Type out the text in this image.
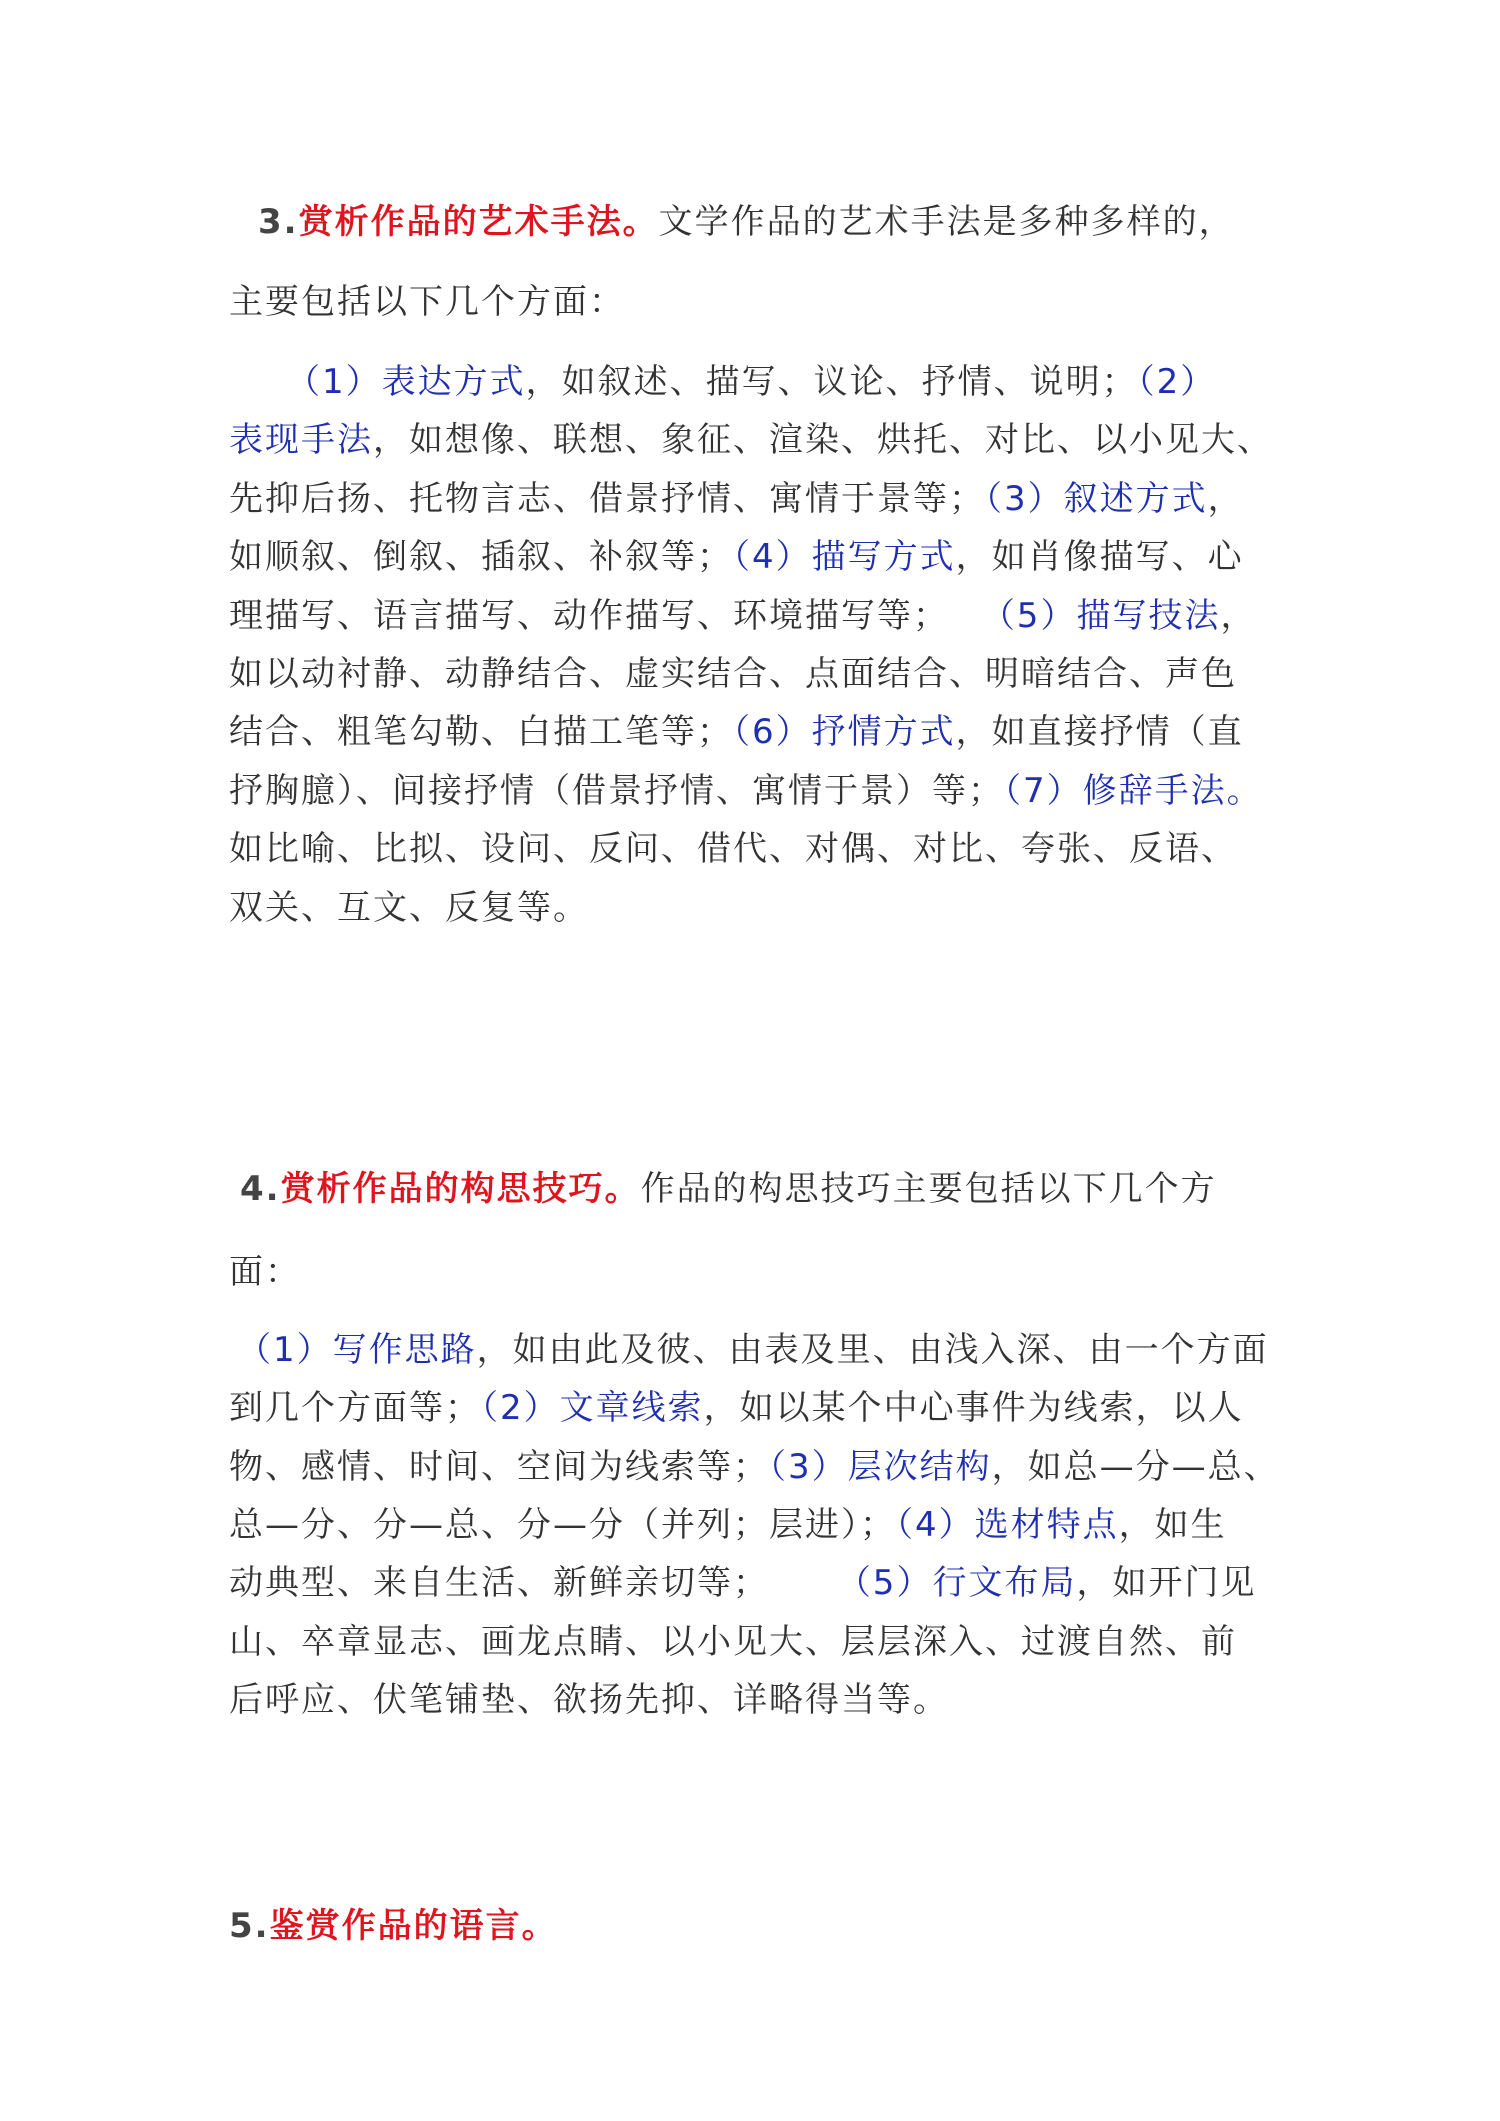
3.赏析作品的艺术手法。文学作品的艺术手法是多种多样的，
主要包括以下几个方面：
（1）表达方式，如叙述、描写、议论、抒情、说明；（2）
表现手法，如想像、联想、象征、渲染、烘托、对比、以小见大、
先抑后扬、托物言志、借景抒情、寓情于景等；（3）叙述方式，
如顺叙、倒叙、插叙、补叙等；（4）描写方式，如肖像描写、心
理描写、语言描写、动作描写、环境描写等；　 （5）描写技法，
如以动衬静、动静结合、虚实结合、点面结合、明暗结合、声色
结合、粗笔勾勒、白描工笔等；（6）抒情方式，如直接抒情（直
抒胸臆）、间接抒情（借景抒情、寓情于景）等；（7）修辞手法。
如比喻、比拟、设问、反问、借代、对偶、对比、夸张、反语、
双关、互文、反复等。
4.赏析作品的构思技巧。作品的构思技巧主要包括以下几个方
面：
（1）写作思路，如由此及彼、由表及里、由浅入深、由一个方面
到几个方面等；（2）文章线索，如以某个中心事件为线索，以人
物、感情、时间、空间为线索等；（3）层次结构，如总—分—总、
总—分、分—总、分—分（并列；层进）；（4）选材特点，如生
动典型、来自生活、新鲜亲切等；　　 （5）行文布局，如开门见
山、卒章显志、画龙点睛、以小见大、层层深入、过渡自然、前
后呼应、伏笔铺垫、欲扬先抑、详略得当等。
5.鉴赏作品的语言。
